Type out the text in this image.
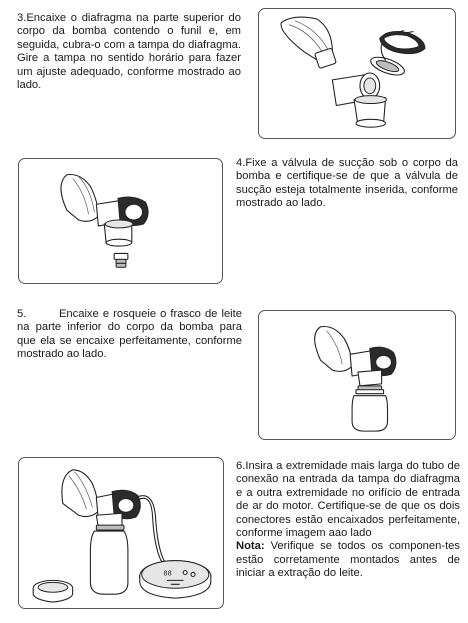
3.Encaixe o diafragma na parte superior do corpo da bomba contendo o funil e, em seguida, cubra-o com a tampa do diafragma. Gire a tampa no sentido horário para fazer um ajuste adequado, conforme mostrado ao lado.

4.Fixe a válvula de sucção sob o corpo da bomba e certifique-se de que a válvula de sucção esteja totalmente inserida, conforme mostrado ao lado.

5.        Encaixe e rosqueie o frasco de leite na parte inferior do corpo da bomba para que ela se encaixe perfeitamente, conforme mostrado ao lado.

88

6.Insira a extremidade mais larga do tubo de conexão na entrada da tampa do diafragma e a outra extremidade no orifício de entrada de ar do motor. Certifique-se de que os dois conectores estão encaixados perfeitamente, conforme imagem aao lado
Nota: Verifique se todos os componen-tes estão corretamente montados antes de iniciar a extração do leite.
